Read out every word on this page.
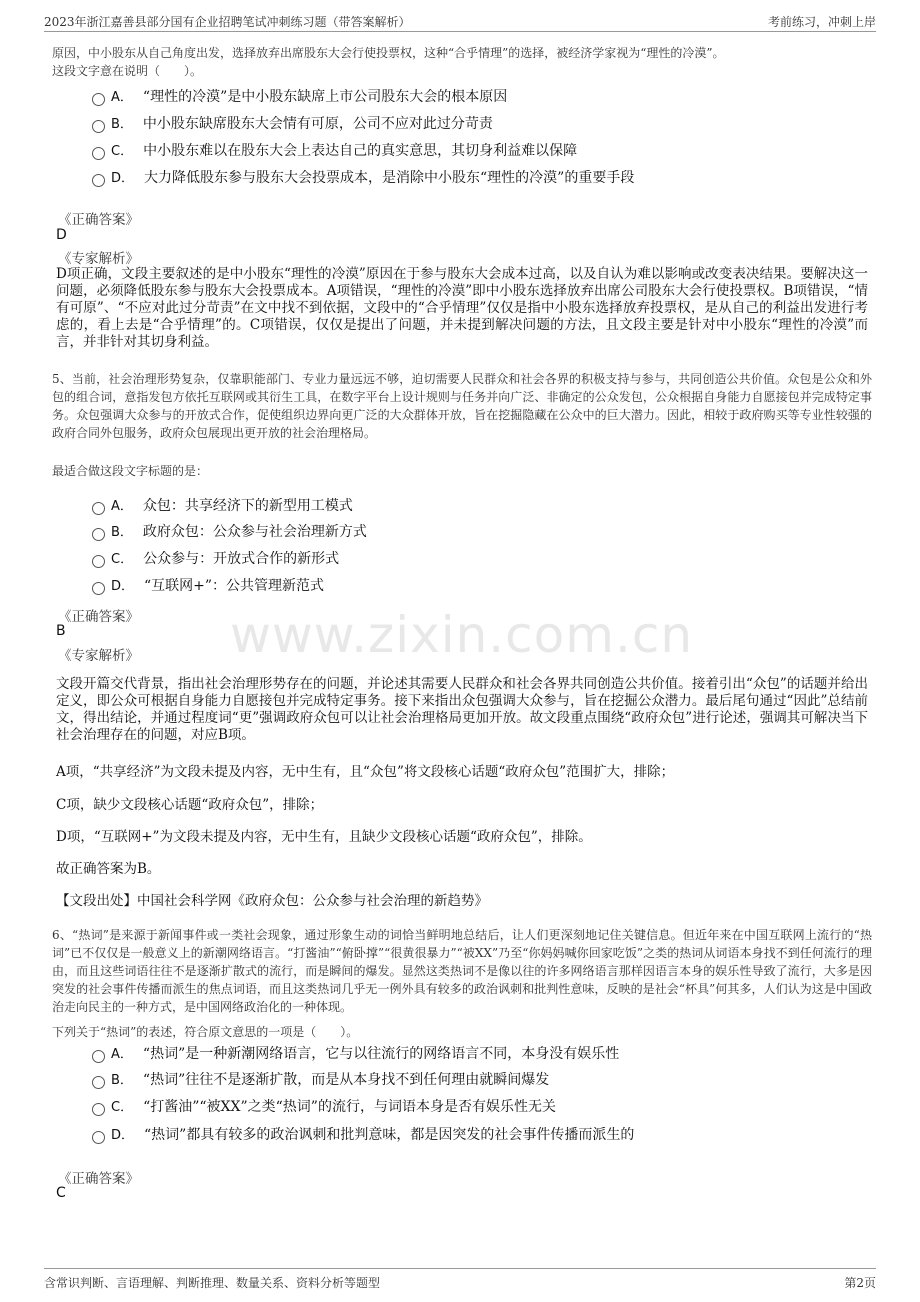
2023年浙江嘉善县部分国有企业招聘笔试冲刺练习题（带答案解析）	考前练习，冲刺上岸
www.zixin.com.cn
原因，中小股东从自己角度出发，选择放弃出席股东大会行使投票权，这种“合乎情理”的选择，被经济学家视为“理性的冷漠”。
这段文字意在说明（　　）。
A． “理性的冷漠”是中小股东缺席上市公司股东大会的根本原因
B． 中小股东缺席股东大会情有可原，公司不应对此过分苛责
C． 中小股东难以在股东大会上表达自己的真实意思，其切身利益难以保障
D． 大力降低股东参与股东大会投票成本，是消除中小股东“理性的冷漠”的重要手段
《正确答案》
D
《专家解析》
D项正确，文段主要叙述的是中小股东“理性的冷漠”原因在于参与股东大会成本过高，以及自认为难以影响或改变表决结果。要解决这一问题，必须降低股东参与股东大会投票成本。A项错误，“理性的冷漠”即中小股东选择放弃出席公司股东大会行使投票权。B项错误，“情有可原”、“不应对此过分苛责”在文中找不到依据，文段中的“合乎情理”仅仅是指中小股东选择放弃投票权，是从自己的利益出发进行考虑的，看上去是“合乎情理”的。C项错误，仅仅是提出了问题，并未提到解决问题的方法，且文段主要是针对中小股东“理性的冷漠”而言，并非针对其切身利益。
5、当前，社会治理形势复杂，仅靠职能部门、专业力量远远不够，迫切需要人民群众和社会各界的积极支持与参与，共同创造公共价值。众包是公众和外包的组合词，意指发包方依托互联网或其衍生工具，在数字平台上设计规则与任务并向广泛、非确定的公众发包，公众根据自身能力自愿接包并完成特定事务。众包强调大众参与的开放式合作，促使组织边界向更广泛的大众群体开放，旨在挖掘隐藏在公众中的巨大潜力。因此，相较于政府购买等专业性较强的政府合同外包服务，政府众包展现出更开放的社会治理格局。
最适合做这段文字标题的是：
A． 众包：共享经济下的新型用工模式
B． 政府众包：公众参与社会治理新方式
C． 公众参与：开放式合作的新形式
D． “互联网+”：公共管理新范式
《正确答案》
B
《专家解析》
文段开篇交代背景，指出社会治理形势存在的问题，并论述其需要人民群众和社会各界共同创造公共价值。接着引出“众包”的话题并给出定义，即公众可根据自身能力自愿接包并完成特定事务。接下来指出众包强调大众参与，旨在挖掘公众潜力。最后尾句通过“因此”总结前文，得出结论，并通过程度词“更”强调政府众包可以让社会治理格局更加开放。故文段重点围绕“政府众包”进行论述，强调其可解决当下社会治理存在的问题，对应B项。
A项，“共享经济”为文段未提及内容，无中生有，且“众包”将文段核心话题“政府众包”范围扩大，排除；
C项，缺少文段核心话题“政府众包”，排除；
D项，“互联网+”为文段未提及内容，无中生有，且缺少文段核心话题“政府众包”，排除。
故正确答案为B。
【文段出处】中国社会科学网《政府众包：公众参与社会治理的新趋势》
6、“热词”是来源于新闻事件或一类社会现象，通过形象生动的词恰当鲜明地总结后，让人们更深刻地记住关键信息。但近年来在中国互联网上流行的“热词”已不仅仅是一般意义上的新潮网络语言。“打酱油”“俯卧撑”“很黄很暴力”“被XX”乃至“你妈妈喊你回家吃饭”之类的热词从词语本身找不到任何流行的理由，而且这些词语往往不是逐渐扩散式的流行，而是瞬间的爆发。显然这类热词不是像以往的许多网络语言那样因语言本身的娱乐性导致了流行，大多是因突发的社会事件传播而派生的焦点词语，而且这类热词几乎无一例外具有较多的政治讽刺和批判性意味，反映的是社会“杯具”何其多，人们认为这是中国政治走向民主的一种方式，是中国网络政治化的一种体现。
下列关于“热词”的表述，符合原文意思的一项是（　　）。
A． “热词”是一种新潮网络语言，它与以往流行的网络语言不同，本身没有娱乐性
B． “热词”往往不是逐渐扩散，而是从本身找不到任何理由就瞬间爆发
C． “打酱油”“被XX”之类“热词”的流行，与词语本身是否有娱乐性无关
D． “热词”都具有较多的政治讽刺和批判意味，都是因突发的社会事件传播而派生的
《正确答案》
C
含常识判断、言语理解、判断推理、数量关系、资料分析等题型	第2页
